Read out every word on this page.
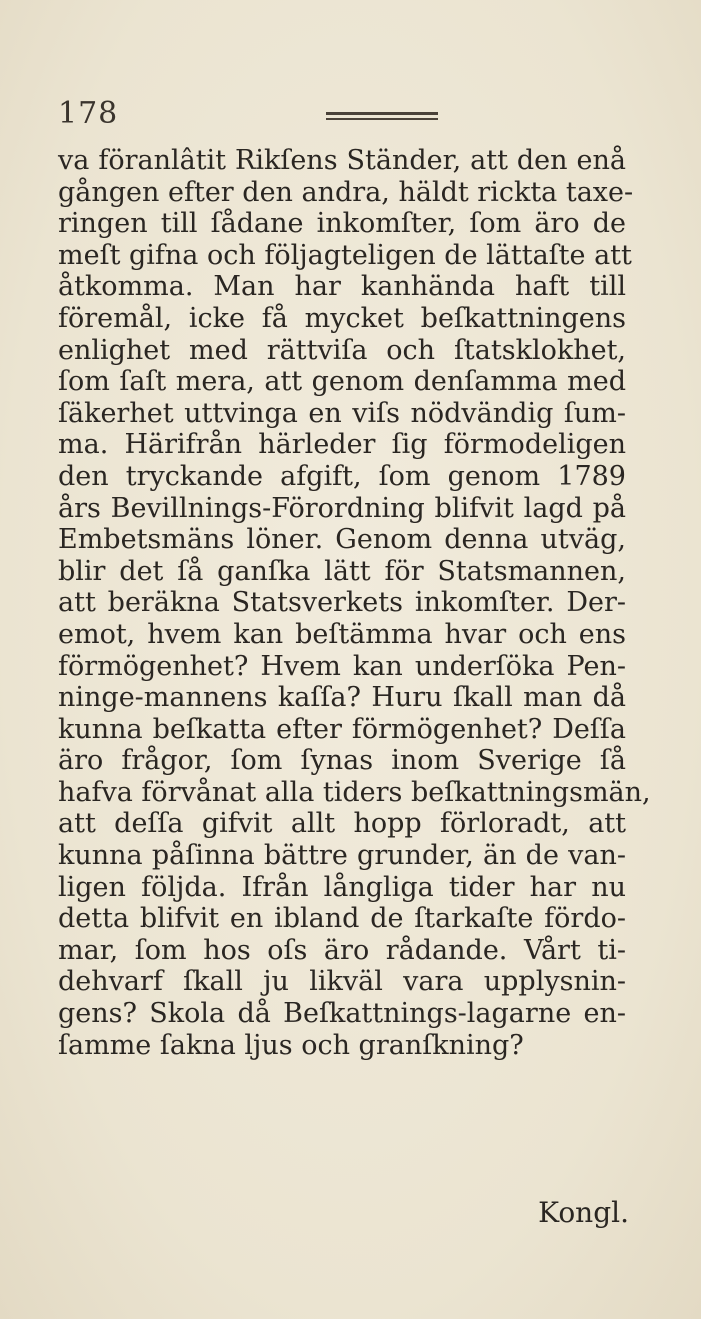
178
va föranlâtit Rikſens Ständer, att den enå
gången efter den andra, häldt rickta taxe-
ringen till ſådane inkomſter, ſom äro de
meſt gifna och följagteligen de lättaſte att
åtkomma. Man har kanhända haft till
föremål, icke få mycket beſkattningens
enlighet med rättviſa och ſtatsklokhet,
ſom ſaſt mera, att genom denſamma med
ſäkerhet uttvinga en viſs nödvändig ſum-
ma. Härifrån härleder ſig förmodeligen
den tryckande afgift, ſom genom 1789
års Bevillnings-Förordning blifvit lagd på
Embetsmäns löner. Genom denna utväg,
blir det ſå ganſka lätt för Statsmannen,
att beräkna Statsverkets inkomſter. Der-
emot, hvem kan beſtämma hvar och ens
förmögenhet? Hvem kan underſöka Pen-
ninge-mannens kaſſa? Huru ſkall man då
kunna beſkatta efter förmögenhet? Deſſa
äro frågor, ſom ſynas inom Sverige ſå
hafva förvånat alla tiders beſkattningsmän,
att deſſa gifvit allt hopp förloradt, att
kunna påſinna bättre grunder, än de van-
ligen följda. Ifrån långliga tider har nu
detta blifvit en ibland de ſtarkaſte fördo-
mar, ſom hos oſs äro rådande. Vårt ti-
dehvarf ſkall ju likväl vara upplysnin-
gens? Skola då Beſkattnings-lagarne en-
ſamme ſakna ljus och granſkning?
Kongl.
